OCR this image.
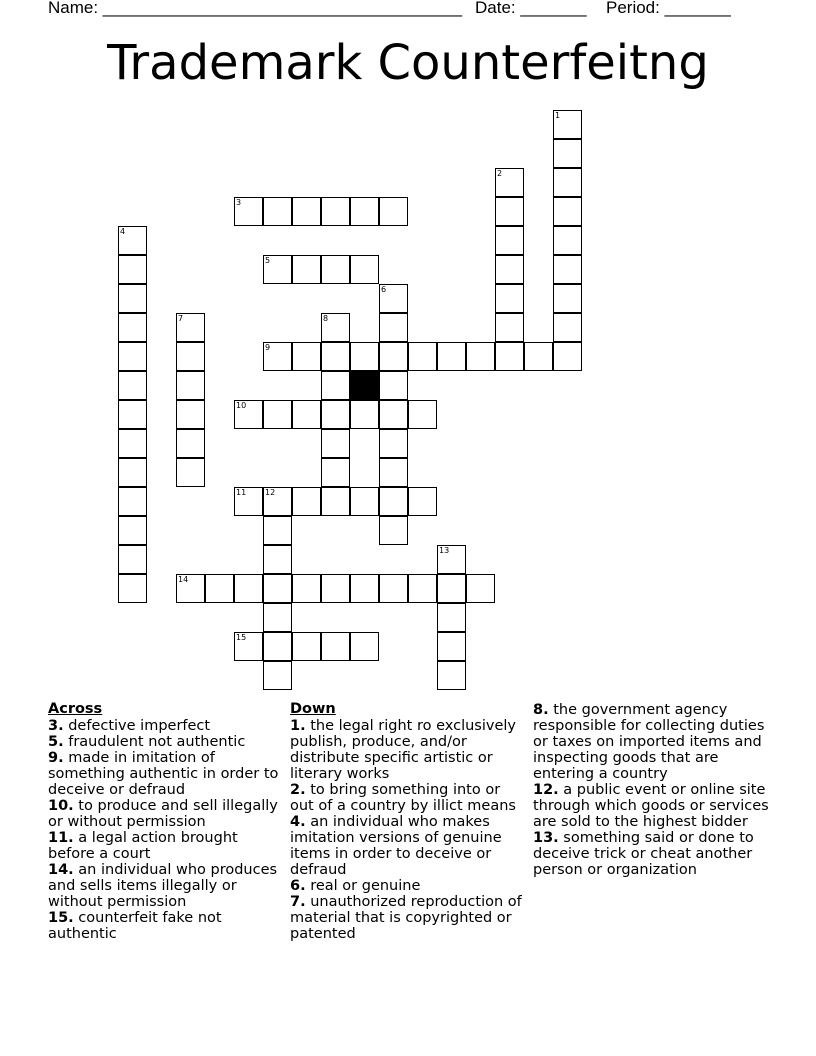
Name: ______________________________________ Date: _______ Period: _______
Trademark Counterfeitng
1
2
3
4
5
6
7	8
9
10
11 12
13
14
15
Across
3. defective imperfect
5. fraudulent not authentic
9. made in imitation of something authentic in order to deceive or defraud
10. to produce and sell illegally or without permission
11. a legal action brought before a court
14. an individual who produces and sells items illegally or without permission
15. counterfeit fake not authentic
Down
1. the legal right ro exclusively publish, produce, and/or distribute specific artistic or literary works
2. to bring something into or out of a country by illict means
4. an individual who makes imitation versions of genuine items in order to deceive or defraud
6. real or genuine
7. unauthorized reproduction of material that is copyrighted or patented
8. the government agency responsible for collecting duties or taxes on imported items and inspecting goods that are entering a country
12. a public event or online site through which goods or services are sold to the highest bidder
13. something said or done to deceive trick or cheat another person or organization
